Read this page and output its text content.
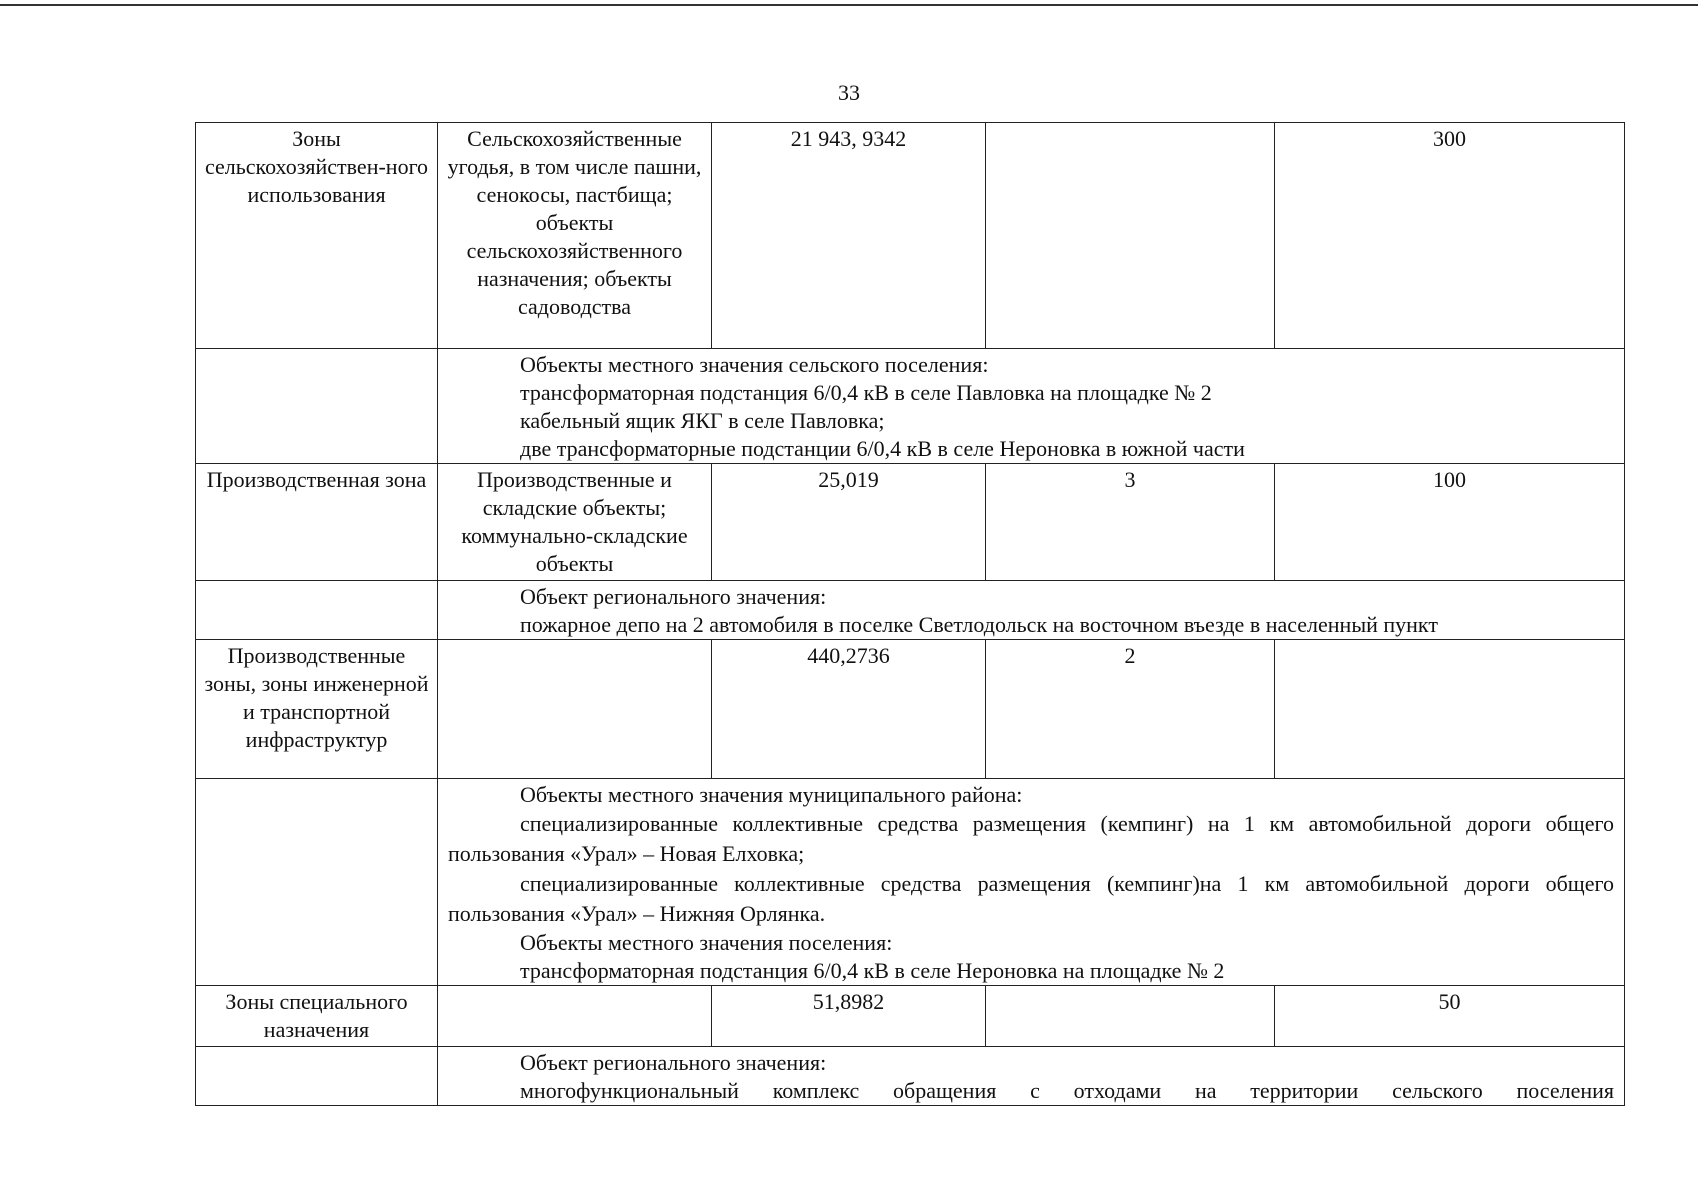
33
Зоны сельскохозяйствен-ного использования	Сельскохозяйственные угодья, в том числе пашни, сенокосы, пастбища; объекты сельскохозяйственного назначения; объекты садоводства	21 943, 9342		300

	Объекты местного значения сельского поселения:
трансформаторная подстанция 6/0,4 кВ в селе Павловка на площадке № 2
кабельный ящик ЯКГ в селе Павловка;
две трансформаторные подстанции 6/0,4 кВ в селе Нероновка в южной части			

Производственная зона	Производственные и складские объекты; коммунально-складские объекты	25,019	3	100

	Объект регионального значения:
пожарное депо на 2 автомобиля в поселке Светлодольск на восточном въезде в населенный пункт			

Производственные зоны, зоны инженерной и транспортной инфраструктур		440,2736	2	

	Объекты местного значения муниципального района:
специализированные коллективные средства размещения (кемпинг) на 1 км автомобильной дороги общего пользования «Урал» – Новая Елховка;
специализированные коллективные средства размещения (кемпинг)на 1 км автомобильной дороги общего пользования «Урал» – Нижняя Орлянка.
Объекты местного значения поселения:
трансформаторная подстанция 6/0,4 кВ в селе Нероновка на площадке № 2			

Зоны специального назначения		51,8982		50

	Объект регионального значения:
многофункциональный комплекс обращения с отходами на территории сельского поселения			
